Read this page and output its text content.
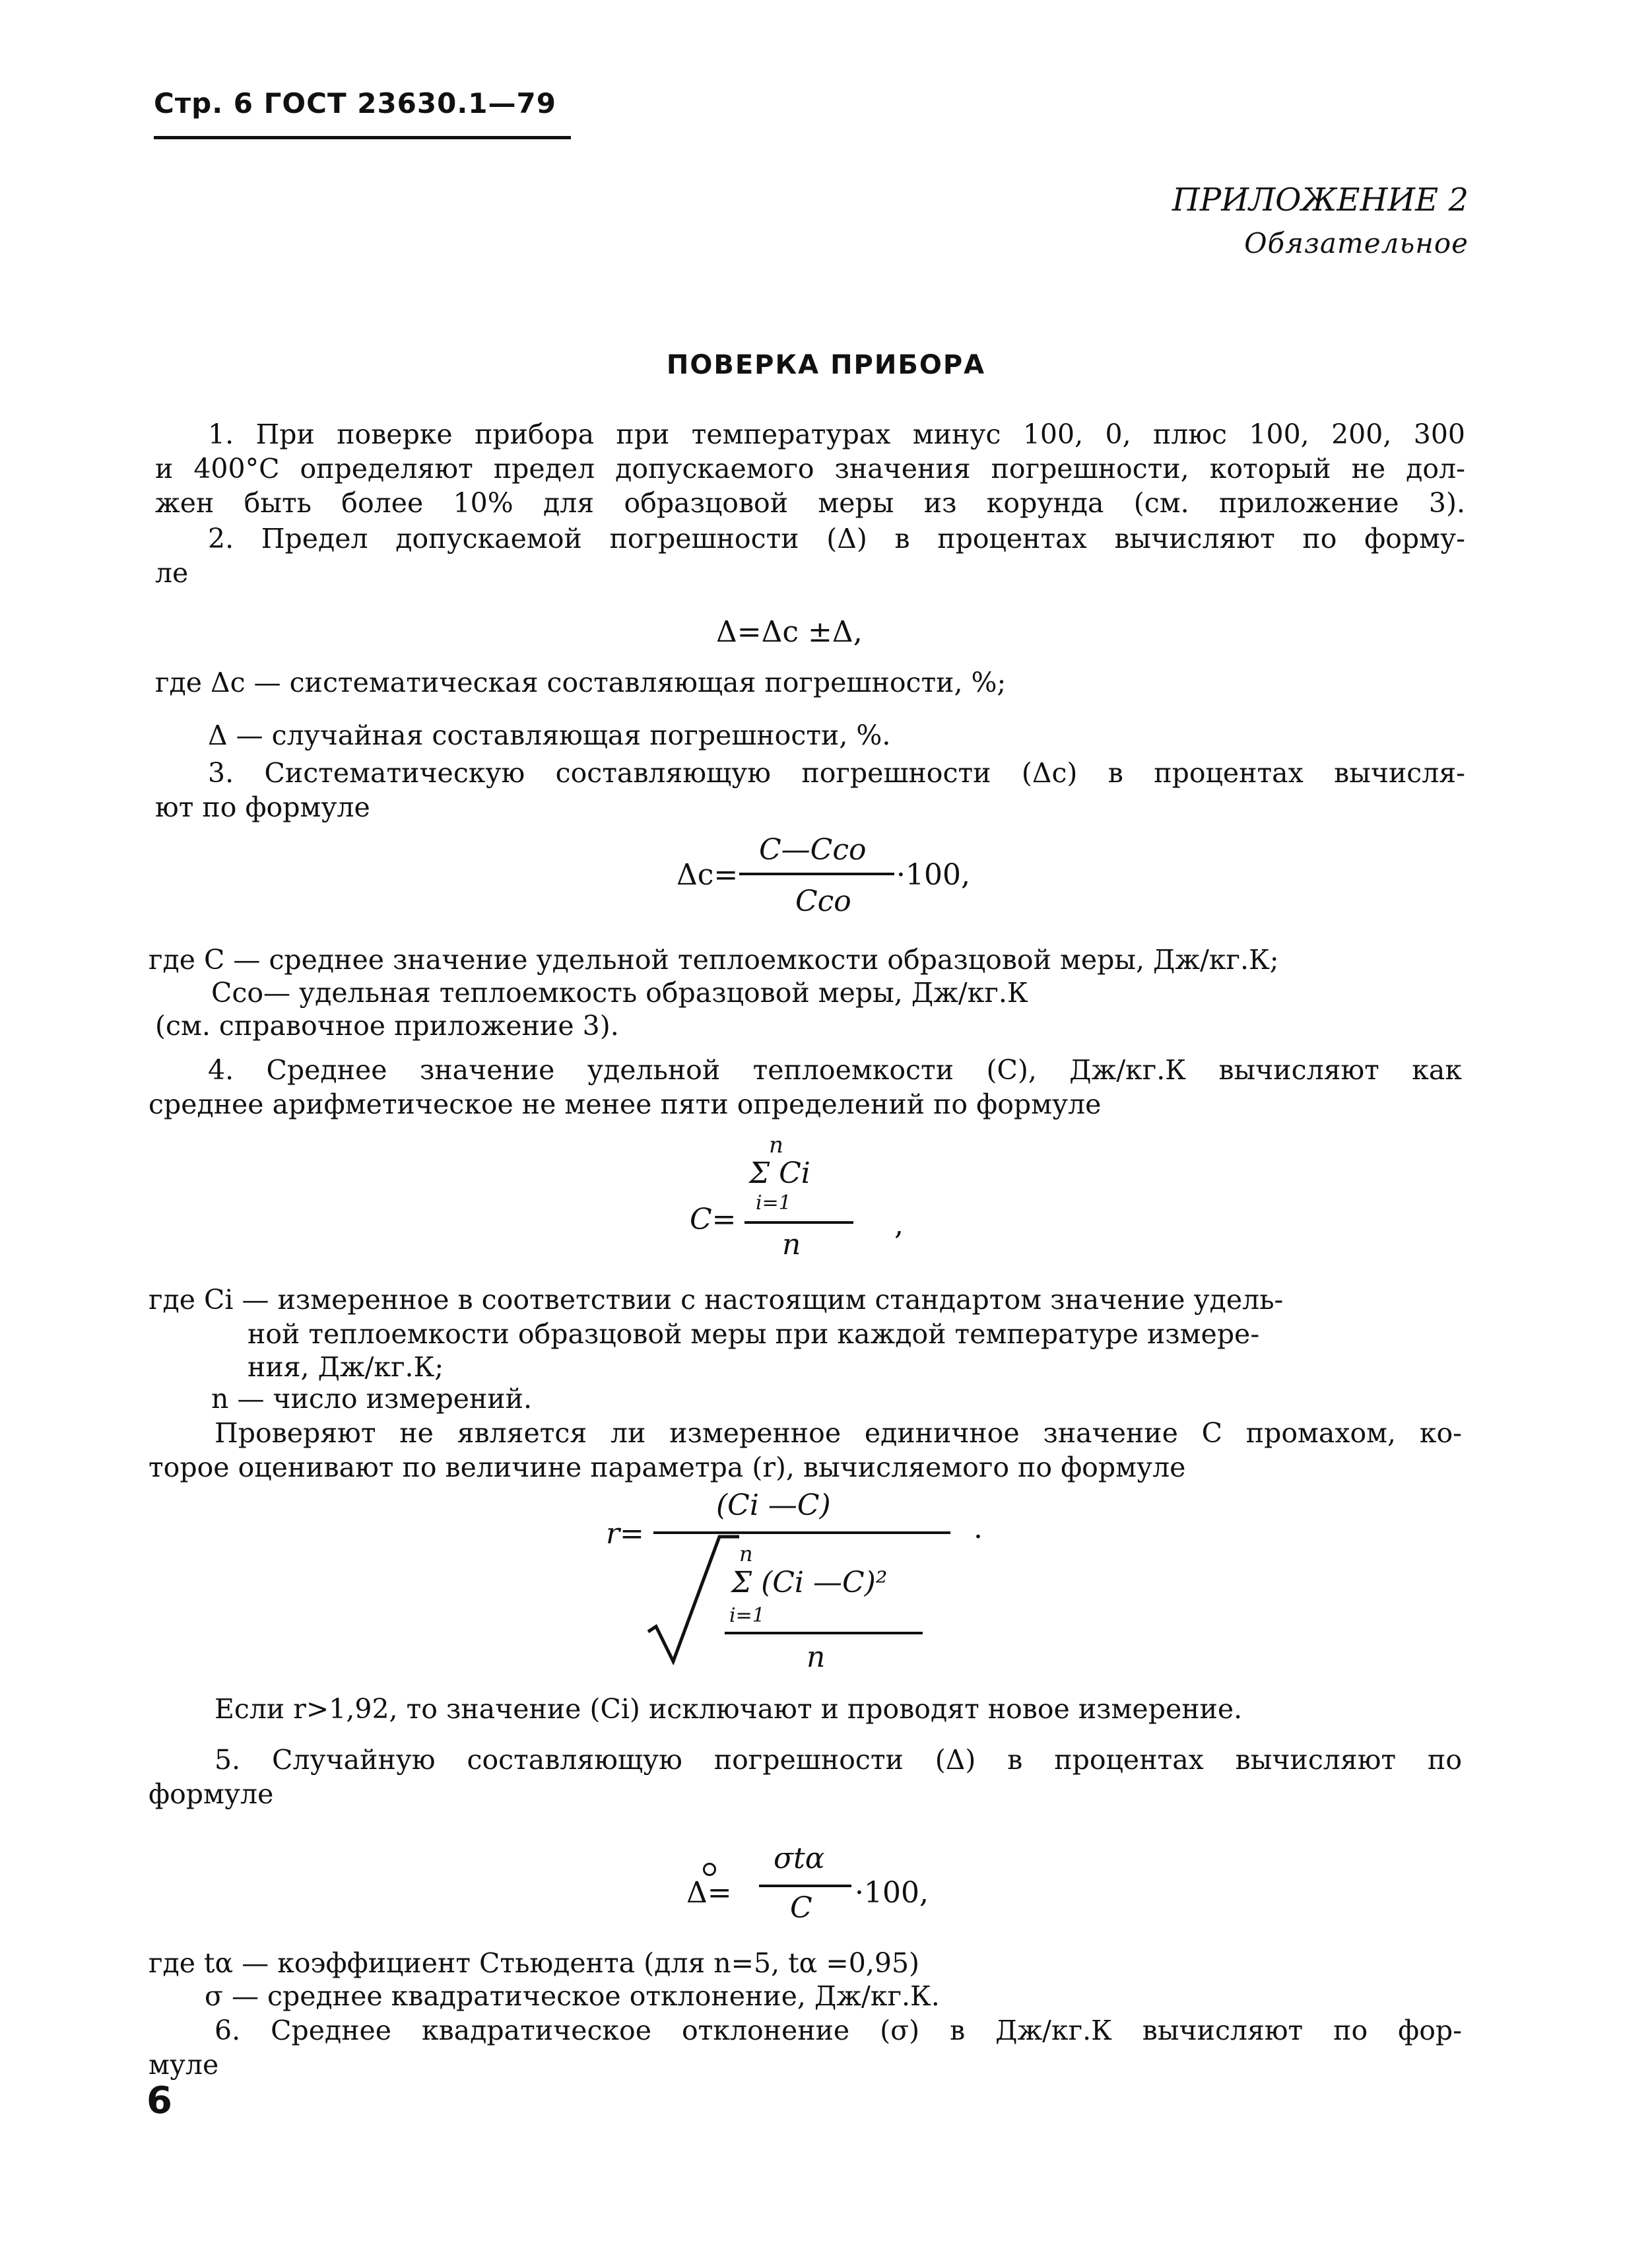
Стр. 6 ГОСТ 23630.1—79
ПРИЛОЖЕНИЕ 2
Обязательное
ПОВЕРКА ПРИБОРА
1. При поверке прибора при температурах минус 100, 0, плюс 100, 200, 300
и 400°С определяют предел допускаемого значения погрешности, который не дол-
жен быть более 10% для образцовой меры из корунда (см. приложение 3).
2. Предел допускаемой погрешности (Δ) в процентах вычисляют по форму-
ле
Δ=Δс ±Δ,
где Δс — систематическая составляющая погрешности, %;
Δ — случайная составляющая погрешности, %.
3. Систематическую составляющую погрешности (Δс) в процентах вычисля-
ют по формуле
Δс=
C—Cсо
Cсо
·100,
где C — среднее значение удельной теплоемкости образцовой меры, Дж/кг.К;
Cсо— удельная теплоемкость образцовой меры, Дж/кг.К
(см. справочное приложение 3).
4. Среднее значение удельной теплоемкости (C), Дж/кг.К вычисляют как
среднее арифметическое не менее пяти определений по формуле
n
Σ Ci
i=1
C=
n
,
где Ci — измеренное в соответствии с настоящим стандартом значение удель-
ной теплоемкости образцовой меры при каждой температуре измере-
ния, Дж/кг.К;
n — число измерений.
Проверяют не является ли измеренное единичное значение C промахом, ко-
торое оценивают по величине параметра (r), вычисляемого по формуле
r=
(Ci —C)
n
Σ (Ci —C)²
i=1
n
.
Если r>1,92, то значение (Ci) исключают и проводят новое измерение.
5. Случайную составляющую погрешности (Δ) в процентах вычисляют по
формуле
Δ=
σtα
C ·100,
где tα — коэффициент Стьюдента (для n=5, tα =0,95)
σ — среднее квадратическое отклонение, Дж/кг.К.
6. Среднее квадратическое отклонение (σ) в Дж/кг.К вычисляют по фор-
муле
6
